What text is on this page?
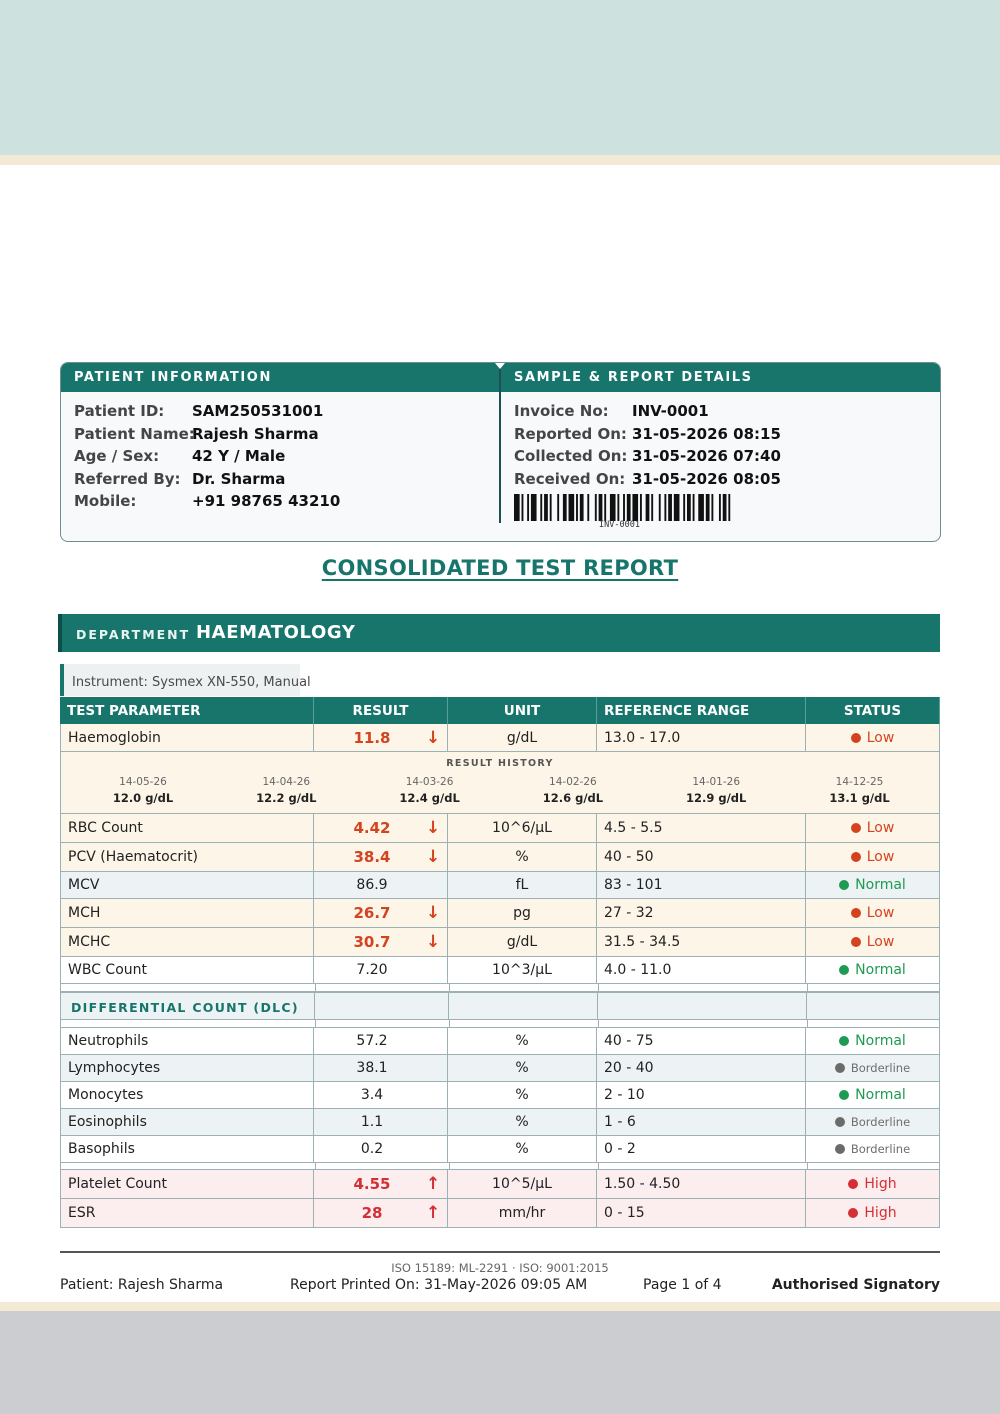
PATIENT INFORMATION	SAMPLE & REPORT DETAILS
Patient ID: SAM250531001
Patient Name:
Rajesh Sharma
Age / Sex: 42 Y / Male
Referred By: Dr. Sharma
Mobile:	+91 98765 43210
Invoice No: INV-0001
Reported On: 31-05-2026 08:15
Collected On: 31-05-2026 07:40
Received On: 31-05-2026 08:05
INV-0001
CONSOLIDATED TEST REPORT
DEPARTMENT HAEMATOLOGY
Instrument: Sysmex XN-550, Manual
TEST PARAMETER	RESULT	UNIT	REFERENCE RANGE	STATUS
Haemoglobin	11.8	↓	g/dL	13.0 - 17.0	Low
RBC Count	4.42	↓	10^6/µL	4.5 - 5.5	Low
PCV (Haematocrit)	38.4	↓	%	40 - 50	Low
MCV	86.9	fL	83 - 101	Normal
MCH	26.7	↓	pg	27 - 32	Low
MCHC	30.7	↓	g/dL	31.5 - 34.5	Low
WBC Count	7.20	10^3/µL	4.0 - 11.0	Normal
Neutrophils	57.2	%	40 - 75	Normal
Lymphocytes	38.1	%	20 - 40	Borderline
Monocytes	3.4	%	2 - 10	Normal
Eosinophils	1.1	%	1 - 6	Borderline
Basophils	0.2	%	0 - 2	Borderline
Platelet Count	4.55	↑	10^5/µL	1.50 - 4.50	High
ESR	28	↑	mm/hr	0 - 15	High
RESULT HISTORY
14-05-26
12.0 g/dL
14-04-26
12.2 g/dL
14-03-26
12.4 g/dL
14-02-26
12.6 g/dL
14-01-26
12.9 g/dL
14-12-25
13.1 g/dL
DIFFERENTIAL COUNT (DLC)
ISO 15189: ML-2291 · ISO: 9001:2015
Patient: Rajesh Sharma	Report Printed On: 31-May-2026 09:05 AM	Page 1 of 4	Authorised Signatory
